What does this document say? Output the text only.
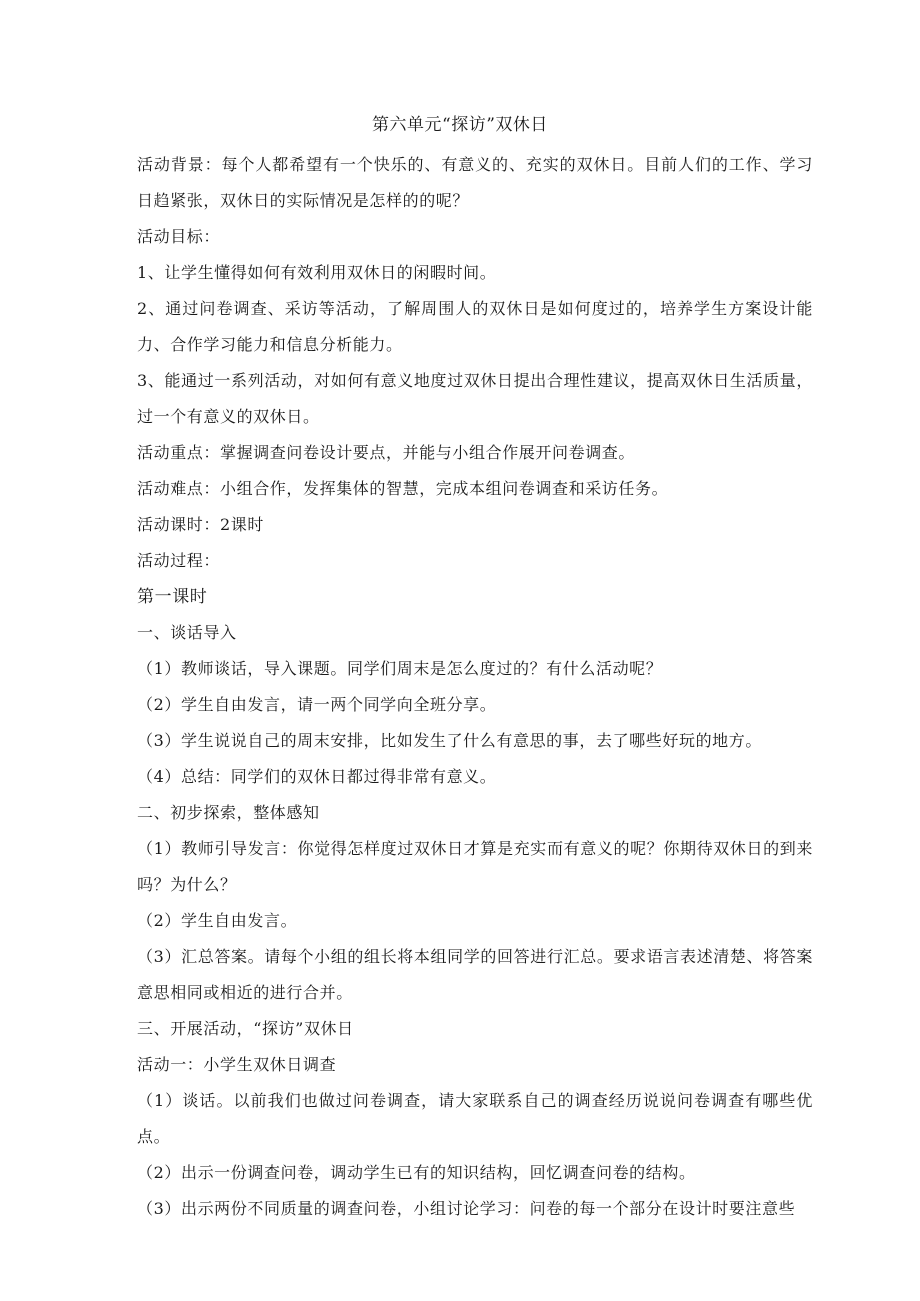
第六单元“探访”双休日

活动背景：每个人都希望有一个快乐的、有意义的、充实的双休日。目前人们的工作、学习日趋紧张，双休日的实际情况是怎样的的呢？

活动目标：

1、让学生懂得如何有效利用双休日的闲暇时间。

2、通过问卷调查、采访等活动，了解周围人的双休日是如何度过的，培养学生方案设计能力、合作学习能力和信息分析能力。

3、能通过一系列活动，对如何有意义地度过双休日提出合理性建议，提高双休日生活质量，过一个有意义的双休日。

活动重点：掌握调查问卷设计要点，并能与小组合作展开问卷调查。

活动难点：小组合作，发挥集体的智慧，完成本组问卷调查和采访任务。

活动课时：2课时

活动过程：

第一课时

一、谈话导入

（1）教师谈话，导入课题。同学们周末是怎么度过的？有什么活动呢？

（2）学生自由发言，请一两个同学向全班分享。

（3）学生说说自己的周末安排，比如发生了什么有意思的事，去了哪些好玩的地方。

（4）总结：同学们的双休日都过得非常有意义。

二、初步探索，整体感知

（1）教师引导发言：你觉得怎样度过双休日才算是充实而有意义的呢？你期待双休日的到来吗？为什么？

（2）学生自由发言。

（3）汇总答案。请每个小组的组长将本组同学的回答进行汇总。要求语言表述清楚、将答案意思相同或相近的进行合并。

三、开展活动，“探访”双休日

活动一：小学生双休日调查

（1）谈话。以前我们也做过问卷调查，请大家联系自己的调查经历说说问卷调查有哪些优点。

（2）出示一份调查问卷，调动学生已有的知识结构，回忆调查问卷的结构。

（3）出示两份不同质量的调查问卷，小组讨论学习：问卷的每一个部分在设计时要注意些
